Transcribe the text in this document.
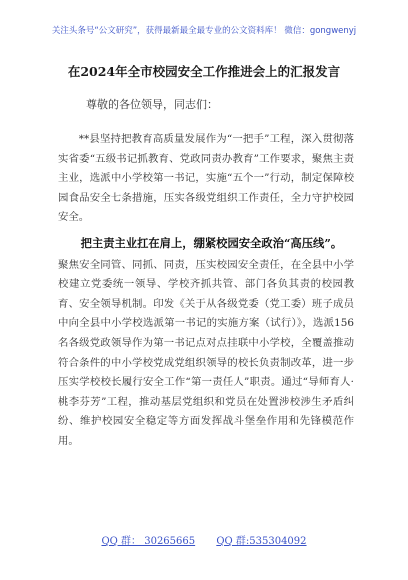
关注头条号“公文研究”，获得最新最全最专业的公文资料库！ 微信：gongwenyj
在2024年全市校园安全工作推进会上的汇报发言
尊敬的各位领导，同志们：

**县坚持把教育高质量发展作为“一把手”工程，深入贯彻落实省委“五级书记抓教育、党政同责办教育”工作要求，聚焦主责主业，选派中小学校第一书记，实施“五个一”行动，制定保障校园食品安全七条措施，压实各级党组织工作责任，全力守护校园安全。

把主责主业扛在肩上，绷紧校园安全政治“高压线”。

聚焦安全同管、同抓、同责，压实校园安全责任，在全县中小学校建立党委统一领导、学校齐抓共管、部门各负其责的校园教育、安全领导机制。印发《关于从各级党委（党工委）班子成员中向全县中小学校选派第一书记的实施方案（试行）》，选派156名各级党政领导作为第一书记点对点挂联中小学校，全覆盖推动符合条件的中小学校党成党组织领导的校长负责制改革，进一步压实学校校长履行安全工作“第一责任人”职责。通过“导师育人·桃李芬芳”工程，推动基层党组织和党员在处置涉校涉生矛盾纠纷、维护校园安全稳定等方面发挥战斗堡垒作用和先锋模范作用。

QQ 群： 30265665 QQ 群:535304092
